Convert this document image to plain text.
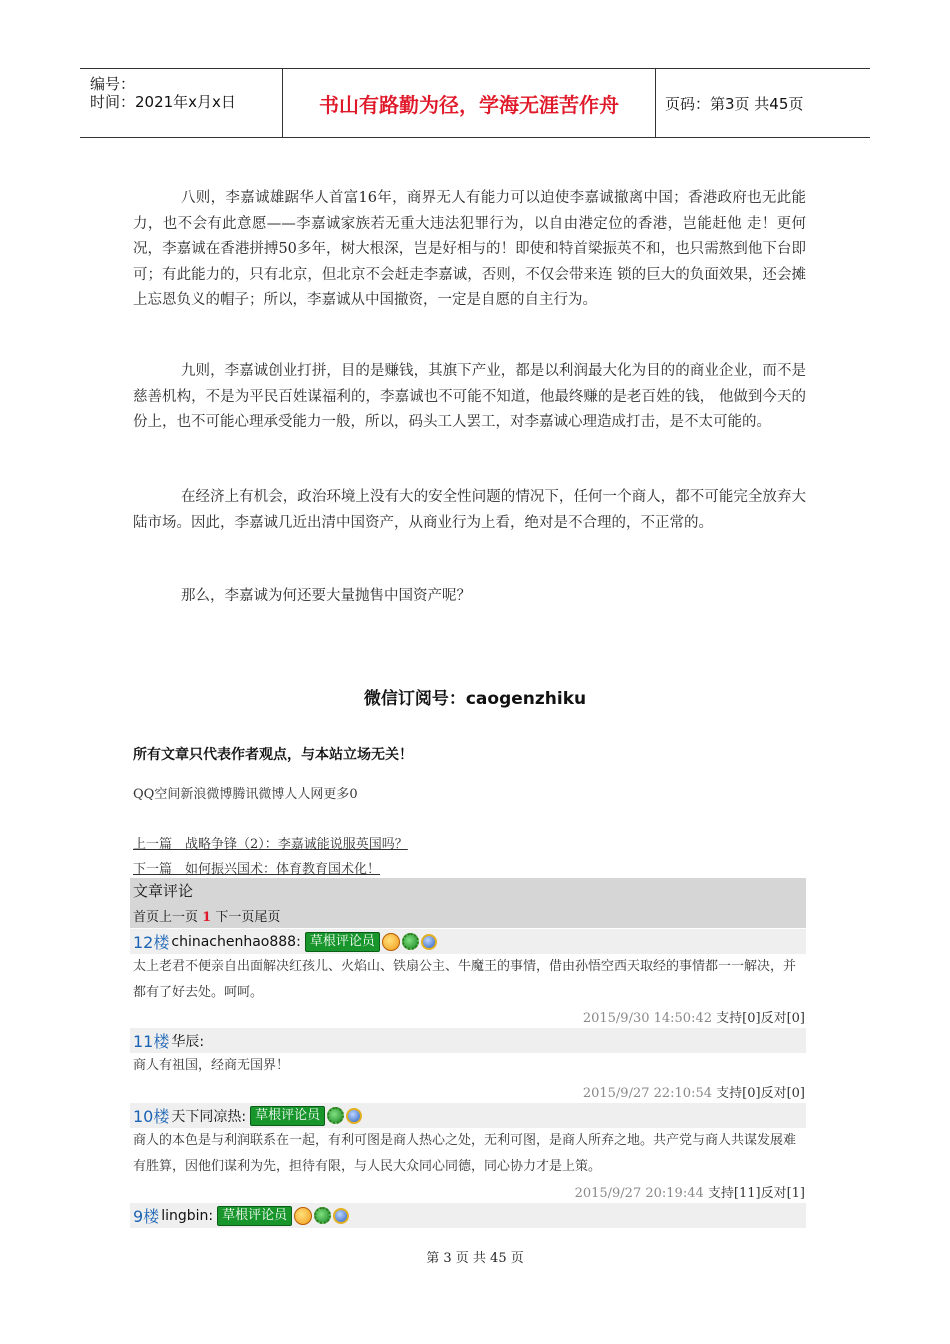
编号：
时间：2021年x月x日	书山有路勤为径，学海无涯苦作舟	页码：第3页 共45页

八则，李嘉诚雄踞华人首富16年，商界无人有能力可以迫使李嘉诚撤离中国；香港政府也无此能力，也不会有此意愿——李嘉诚家族若无重大违法犯罪行为，以自由港定位的香港，岂能赶他 走！更何况，李嘉诚在香港拼搏50多年，树大根深，岂是好相与的！即使和特首梁振英不和，也只需熬到他下台即可；有此能力的，只有北京，但北京不会赶走李嘉诚，否则，不仅会带来连 锁的巨大的负面效果，还会摊上忘恩负义的帽子；所以，李嘉诚从中国撤资，一定是自愿的自主行为。

九则，李嘉诚创业打拼，目的是赚钱，其旗下产业，都是以利润最大化为目的的商业企业，而不是慈善机构，不是为平民百姓谋福利的，李嘉诚也不可能不知道，他最终赚的是老百姓的钱， 他做到今天的份上，也不可能心理承受能力一般，所以，码头工人罢工，对李嘉诚心理造成打击，是不太可能的。

在经济上有机会，政治环境上没有大的安全性问题的情况下，任何一个商人，都不可能完全放弃大陆市场。因此，李嘉诚几近出清中国资产，从商业行为上看，绝对是不合理的，不正常的。

那么，李嘉诚为何还要大量抛售中国资产呢？

微信订阅号：caogenzhiku
所有文章只代表作者观点，与本站立场无关！
QQ空间新浪微博腾讯微博人人网更多0
上一篇　战略争锋（2）：李嘉诚能说服英国吗？
下一篇　如何振兴国术：体育教育国术化！
文章评论
首页上一页 1 下一页尾页
12楼 chinachenhao888: 草根评论员
太上老君不便亲自出面解决红孩儿、火焰山、铁扇公主、牛魔王的事情，借由孙悟空西天取经的事情都一一解决，并都有了好去处。呵呵。
2015/9/30 14:50:42 支持[0]反对[0]
11楼 华辰:
商人有祖国，经商无国界！
2015/9/27 22:10:54 支持[0]反对[0]
10楼 天下同凉热: 草根评论员
商人的本色是与利润联系在一起，有利可图是商人热心之处，无利可图，是商人所弃之地。共产党与商人共谋发展难有胜算，因他们谋利为先，担待有限，与人民大众同心同德，同心协力才是上策。
2015/9/27 20:19:44 支持[11]反对[1]
9楼 lingbin: 草根评论员
第 3 页 共 45 页
